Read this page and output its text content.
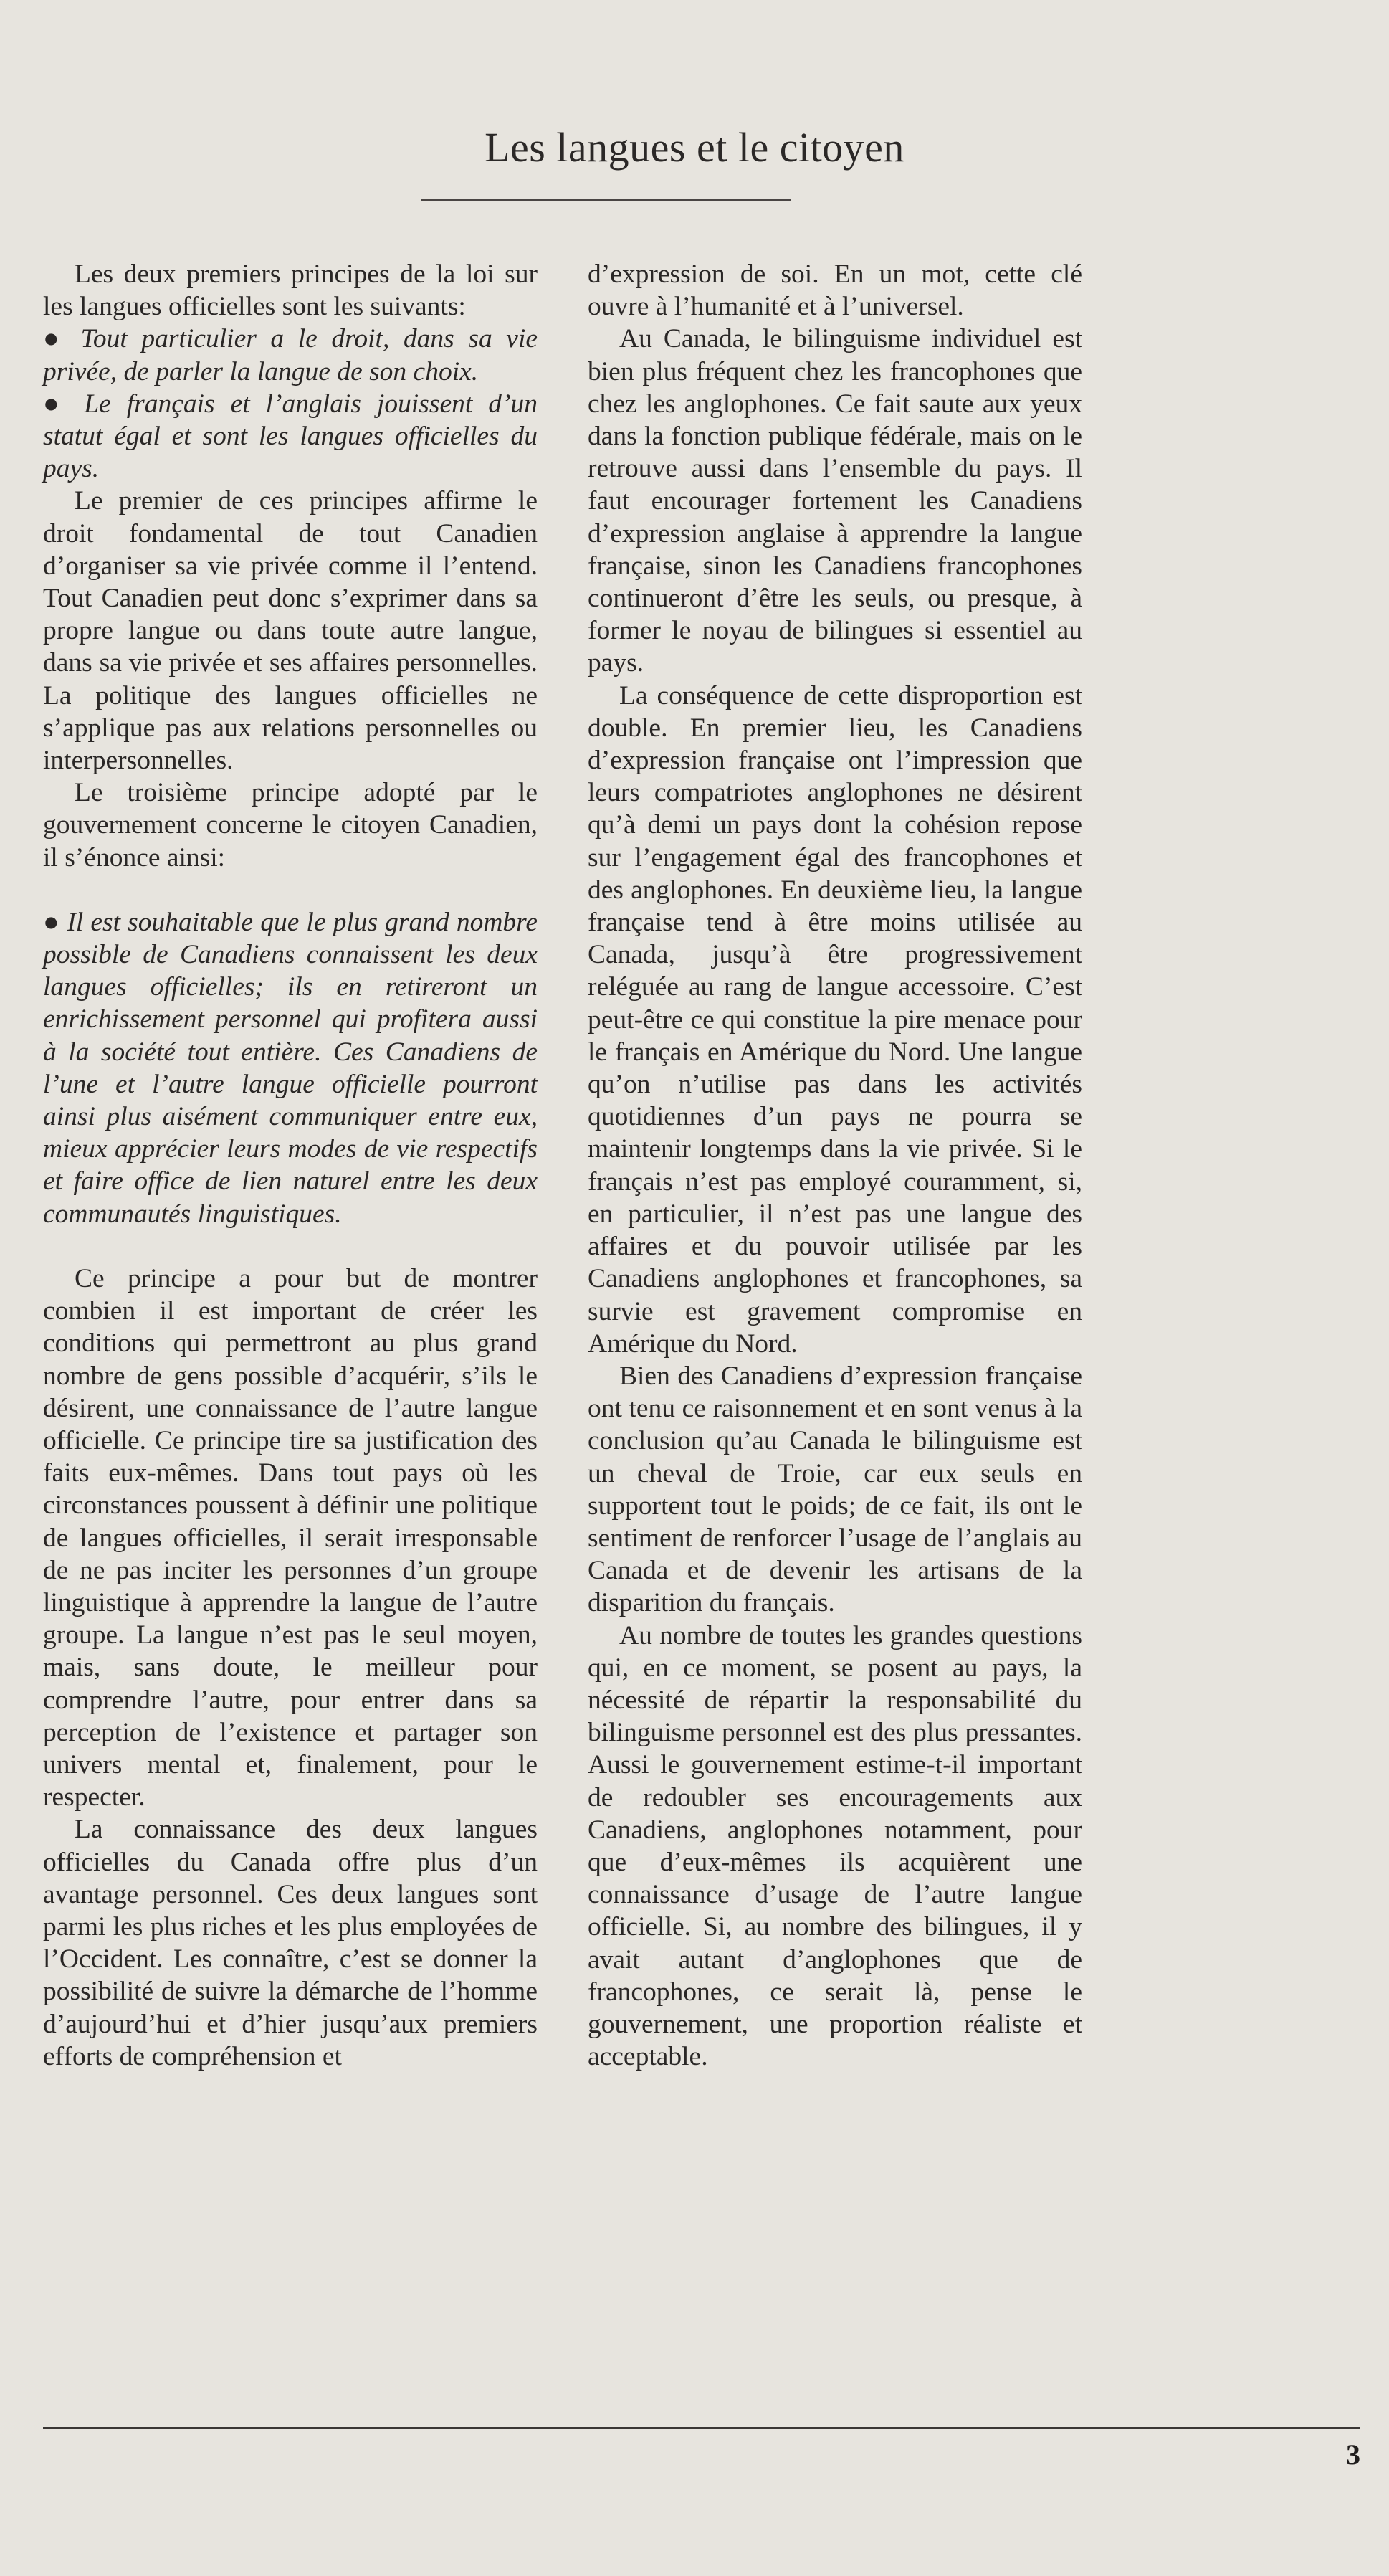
Les langues et le citoyen

Les deux premiers principes de la loi sur les langues officielles sont les suivants:

● Tout particulier a le droit, dans sa vie privée, de parler la langue de son choix.

● Le français et l’anglais jouissent d’un statut égal et sont les langues officielles du pays.

Le premier de ces principes affirme le droit fondamental de tout Canadien d’organiser sa vie privée comme il l’entend. Tout Canadien peut donc s’exprimer dans sa propre langue ou dans toute autre langue, dans sa vie privée et ses affaires personnelles. La politique des langues officielles ne s’applique pas aux relations personnelles ou interpersonnelles.

Le troisième principe adopté par le gouvernement concerne le citoyen Canadien, il s’énonce ainsi:

● Il est souhaitable que le plus grand nombre possible de Canadiens connaissent les deux langues officielles; ils en retireront un enrichissement personnel qui profitera aussi à la société tout entière. Ces Canadiens de l’une et l’autre langue officielle pourront ainsi plus aisément communiquer entre eux, mieux apprécier leurs modes de vie respectifs et faire office de lien naturel entre les deux communautés linguistiques.

Ce principe a pour but de montrer combien il est important de créer les conditions qui permettront au plus grand nombre de gens possible d’acquérir, s’ils le désirent, une connaissance de l’autre langue officielle. Ce principe tire sa justification des faits eux-mêmes. Dans tout pays où les circonstances poussent à définir une politique de langues officielles, il serait irresponsable de ne pas inciter les personnes d’un groupe linguistique à apprendre la langue de l’autre groupe. La langue n’est pas le seul moyen, mais, sans doute, le meilleur pour comprendre l’autre, pour entrer dans sa perception de l’existence et partager son univers mental et, finalement, pour le respecter.

La connaissance des deux langues officielles du Canada offre plus d’un avantage personnel. Ces deux langues sont parmi les plus riches et les plus employées de l’Occident. Les connaître, c’est se donner la possibilité de suivre la démarche de l’homme d’aujourd’hui et d’hier jusqu’aux premiers efforts de compréhension et

d’expression de soi. En un mot, cette clé ouvre à l’humanité et à l’universel.

Au Canada, le bilinguisme individuel est bien plus fréquent chez les francophones que chez les anglophones. Ce fait saute aux yeux dans la fonction publique fédérale, mais on le retrouve aussi dans l’ensemble du pays. Il faut encourager fortement les Canadiens d’expression anglaise à apprendre la langue française, sinon les Canadiens francophones continueront d’être les seuls, ou presque, à former le noyau de bilingues si essentiel au pays.

La conséquence de cette disproportion est double. En premier lieu, les Canadiens d’expression française ont l’impression que leurs compatriotes anglophones ne désirent qu’à demi un pays dont la cohésion repose sur l’engagement égal des francophones et des anglophones. En deuxième lieu, la langue française tend à être moins utilisée au Canada, jusqu’à être progressivement reléguée au rang de langue accessoire. C’est peut-être ce qui constitue la pire menace pour le français en Amérique du Nord. Une langue qu’on n’utilise pas dans les activités quotidiennes d’un pays ne pourra se maintenir longtemps dans la vie privée. Si le français n’est pas employé couramment, si, en particulier, il n’est pas une langue des affaires et du pouvoir utilisée par les Canadiens anglophones et francophones, sa survie est gravement compromise en Amérique du Nord.

Bien des Canadiens d’expression française ont tenu ce raisonnement et en sont venus à la conclusion qu’au Canada le bilinguisme est un cheval de Troie, car eux seuls en supportent tout le poids; de ce fait, ils ont le sentiment de renforcer l’usage de l’anglais au Canada et de devenir les artisans de la disparition du français.

Au nombre de toutes les grandes questions qui, en ce moment, se posent au pays, la nécessité de répartir la responsabilité du bilinguisme personnel est des plus pressantes. Aussi le gouvernement estime-t-il important de redoubler ses encouragements aux Canadiens, anglophones notamment, pour que d’eux-mêmes ils acquièrent une connaissance d’usage de l’autre langue officielle. Si, au nombre des bilingues, il y avait autant d’anglophones que de francophones, ce serait là, pense le gouvernement, une proportion réaliste et acceptable.

3
